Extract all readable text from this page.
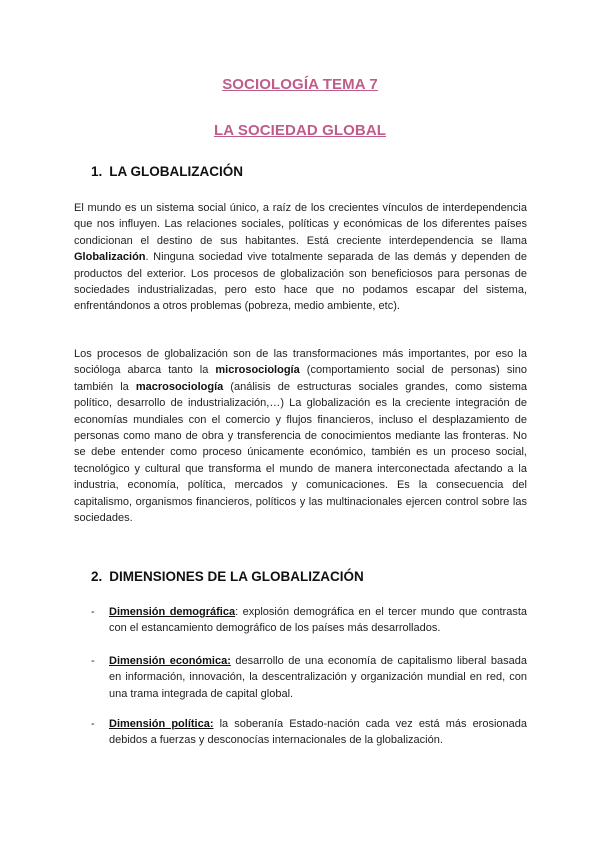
SOCIOLOGÍA TEMA 7
LA SOCIEDAD GLOBAL
1. LA GLOBALIZACIÓN
El mundo es un sistema social único, a raíz de los crecientes vínculos de interdependencia que nos influyen. Las relaciones sociales, políticas y económicas de los diferentes países condicionan el destino de sus habitantes. Está creciente interdependencia se llama Globalización. Ninguna sociedad vive totalmente separada de las demás y dependen de productos del exterior. Los procesos de globalización son beneficiosos para personas de sociedades industrializadas, pero esto hace que no podamos escapar del sistema, enfrentándonos a otros problemas (pobreza, medio ambiente, etc).
Los procesos de globalización son de las transformaciones más importantes, por eso la socióloga abarca tanto la microsociología (comportamiento social de personas) sino también la macrosociología (análisis de estructuras sociales grandes, como sistema político, desarrollo de industrialización,…) La globalización es la creciente integración de economías mundiales con el comercio y flujos financieros, incluso el desplazamiento de personas como mano de obra y transferencia de conocimientos mediante las fronteras. No se debe entender como proceso únicamente económico, también es un proceso social, tecnológico y cultural que transforma el mundo de manera interconectada afectando a la industria, economía, política, mercados y comunicaciones. Es la consecuencia del capitalismo, organismos financieros, políticos y las multinacionales ejercen control sobre las sociedades.
2. DIMENSIONES DE LA GLOBALIZACIÓN
- Dimensión demográfica: explosión demográfica en el tercer mundo que contrasta con el estancamiento demográfico de los países más desarrollados.
- Dimensión económica: desarrollo de una economía de capitalismo liberal basada en información, innovación, la descentralización y organización mundial en red, con una trama integrada de capital global.
- Dimensión política: la soberanía Estado-nación cada vez está más erosionada debidos a fuerzas y desconocías internacionales de la globalización.
